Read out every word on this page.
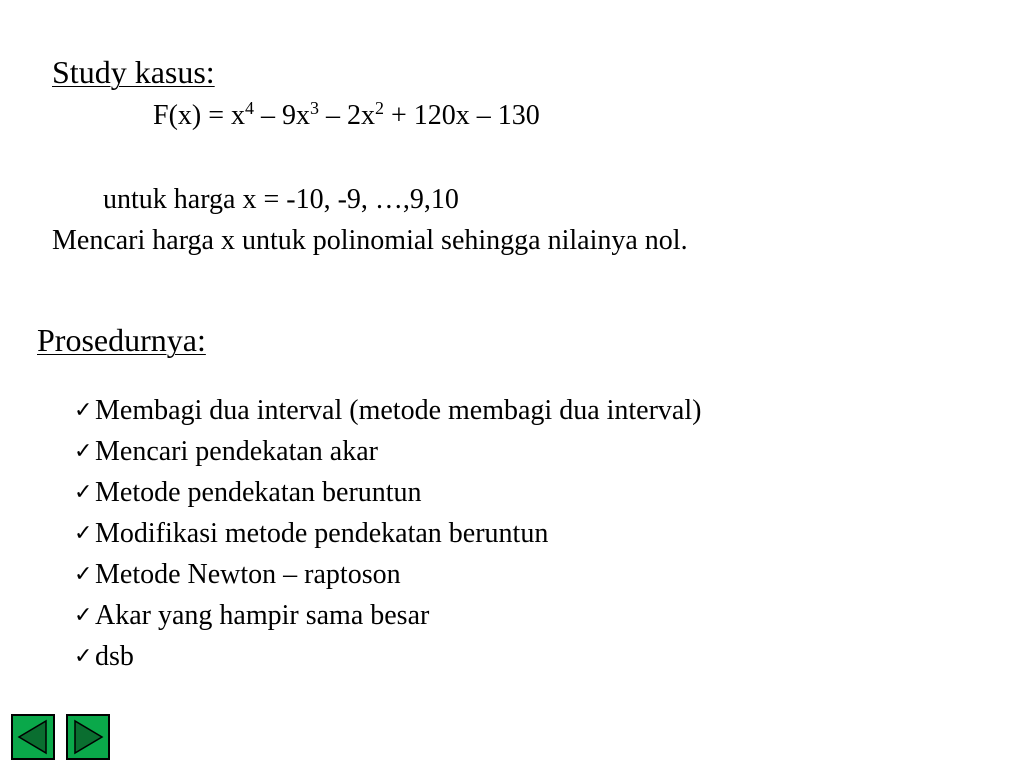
Study kasus:
$F(x) = x^4 - 9x^3 - 2x^2 + 120x - 130$
untuk harga x = -10, -9, …,9,10
Mencari harga x untuk polinomial sehingga nilainya nol.
Prosedurnya:
✓Membagi dua interval (metode membagi dua interval)
✓Mencari pendekatan akar
✓Metode pendekatan beruntun
✓Modifikasi metode pendekatan beruntun
✓Metode Newton – raptoson
✓Akar yang hampir sama besar
✓dsb
